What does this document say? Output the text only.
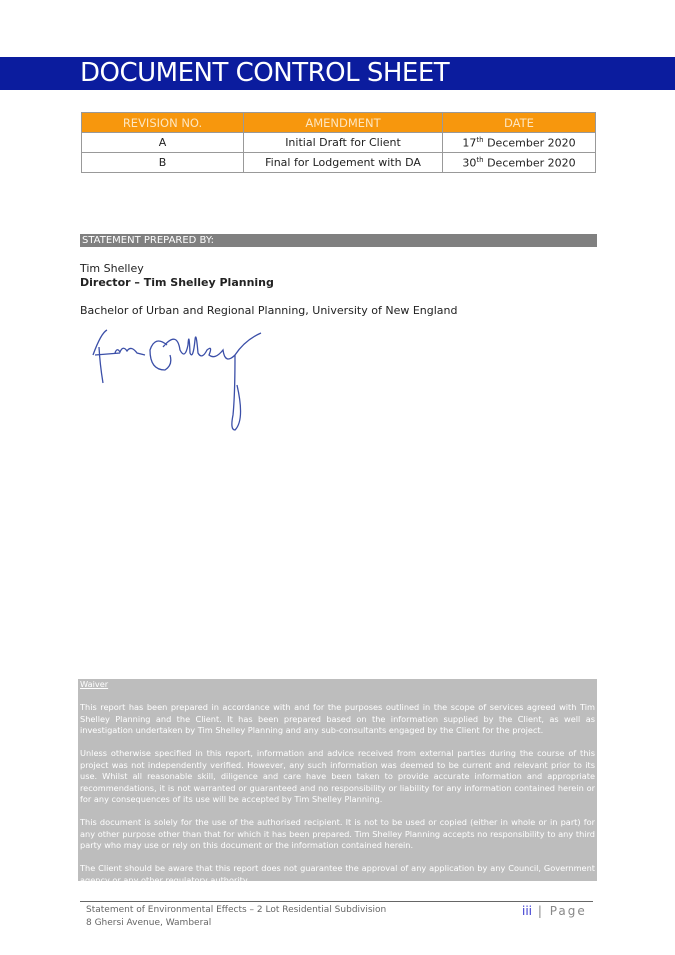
DOCUMENT CONTROL SHEET
REVISION NO.	AMENDMENT	DATE
A	Initial Draft for Client	17th December 2020
B	Final for Lodgement with DA	30th December 2020
STATEMENT PREPARED BY:
Tim Shelley
Director – Tim Shelley Planning
Bachelor of Urban and Regional Planning, University of New England
Waiver

This report has been prepared in accordance with and for the purposes outlined in the scope of services agreed with Tim Shelley Planning and the Client. It has been prepared based on the information supplied by the Client, as well as investigation undertaken by Tim Shelley Planning and any sub-consultants engaged by the Client for the project.

Unless otherwise specified in this report, information and advice received from external parties during the course of this project was not independently verified. However, any such information was deemed to be current and relevant prior to its use. Whilst all reasonable skill, diligence and care have been taken to provide accurate information and appropriate recommendations, it is not warranted or guaranteed and no responsibility or liability for any information contained herein or for any consequences of its use will be accepted by Tim Shelley Planning.

This document is solely for the use of the authorised recipient. It is not to be used or copied (either in whole or in part) for any other purpose other than that for which it has been prepared. Tim Shelley Planning accepts no responsibility to any third party who may use or rely on this document or the information contained herein.

The Client should be aware that this report does not guarantee the approval of any application by any Council, Government agency or any other regulatory authority.

Statement of Environmental Effects – 2 Lot Residential Subdivision
8 Ghersi Avenue, Wamberal
iii | Page
